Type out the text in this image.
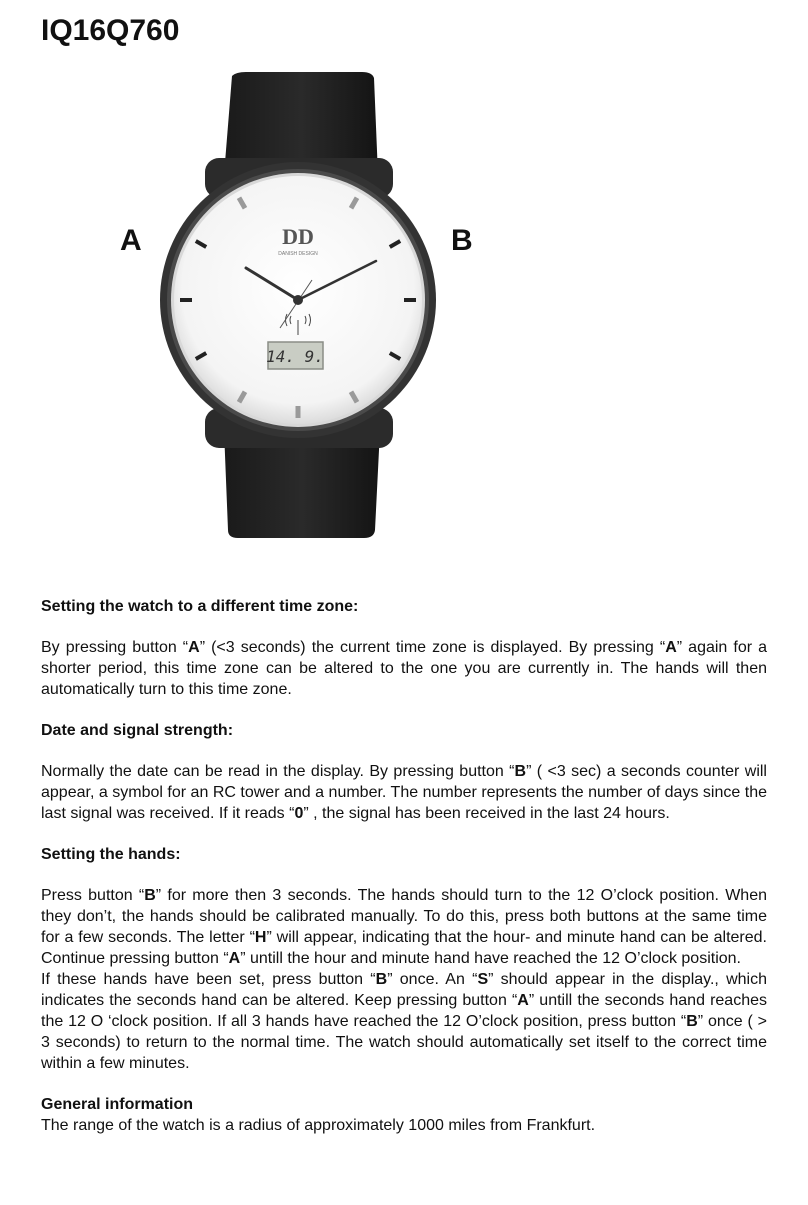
IQ16Q760
DD
DANISH DESIGN
14. 9.
A	B
Setting the watch to a different time zone:

By pressing button “A” (<3 seconds) the current time zone is displayed. By pressing “A” again for a shorter period, this time zone can be altered to the one you are currently in. The hands will then automatically turn to this time zone.

Date and signal strength:

Normally the date can be read in the display. By pressing button “B” ( <3 sec) a seconds counter will appear, a symbol for an RC tower and a number. The number represents the number of days since the last signal was received. If it reads “0” , the signal has been received in the last 24 hours.

Setting the hands:

Press button “B” for more then 3 seconds. The hands should turn to the 12 O’clock position. When they don’t, the hands should be calibrated manually. To do this, press both buttons at the same time for a few seconds. The letter “H” will appear, indicating that the hour- and minute hand can be altered. Continue pressing button “A” untill the hour and minute hand have reached the 12 O’clock position.

If these hands have been set, press button “B” once. An “S” should appear in the display., which indicates the seconds hand can be altered. Keep pressing button “A” untill the seconds hand reaches the 12 O ‘clock position. If all 3 hands have reached the 12 O’clock position, press button “B” once ( > 3 seconds) to return to the normal time. The watch should automatically set itself to the correct time within a few minutes.

General information

The range of the watch is a radius of approximately 1000 miles from Frankfurt.
